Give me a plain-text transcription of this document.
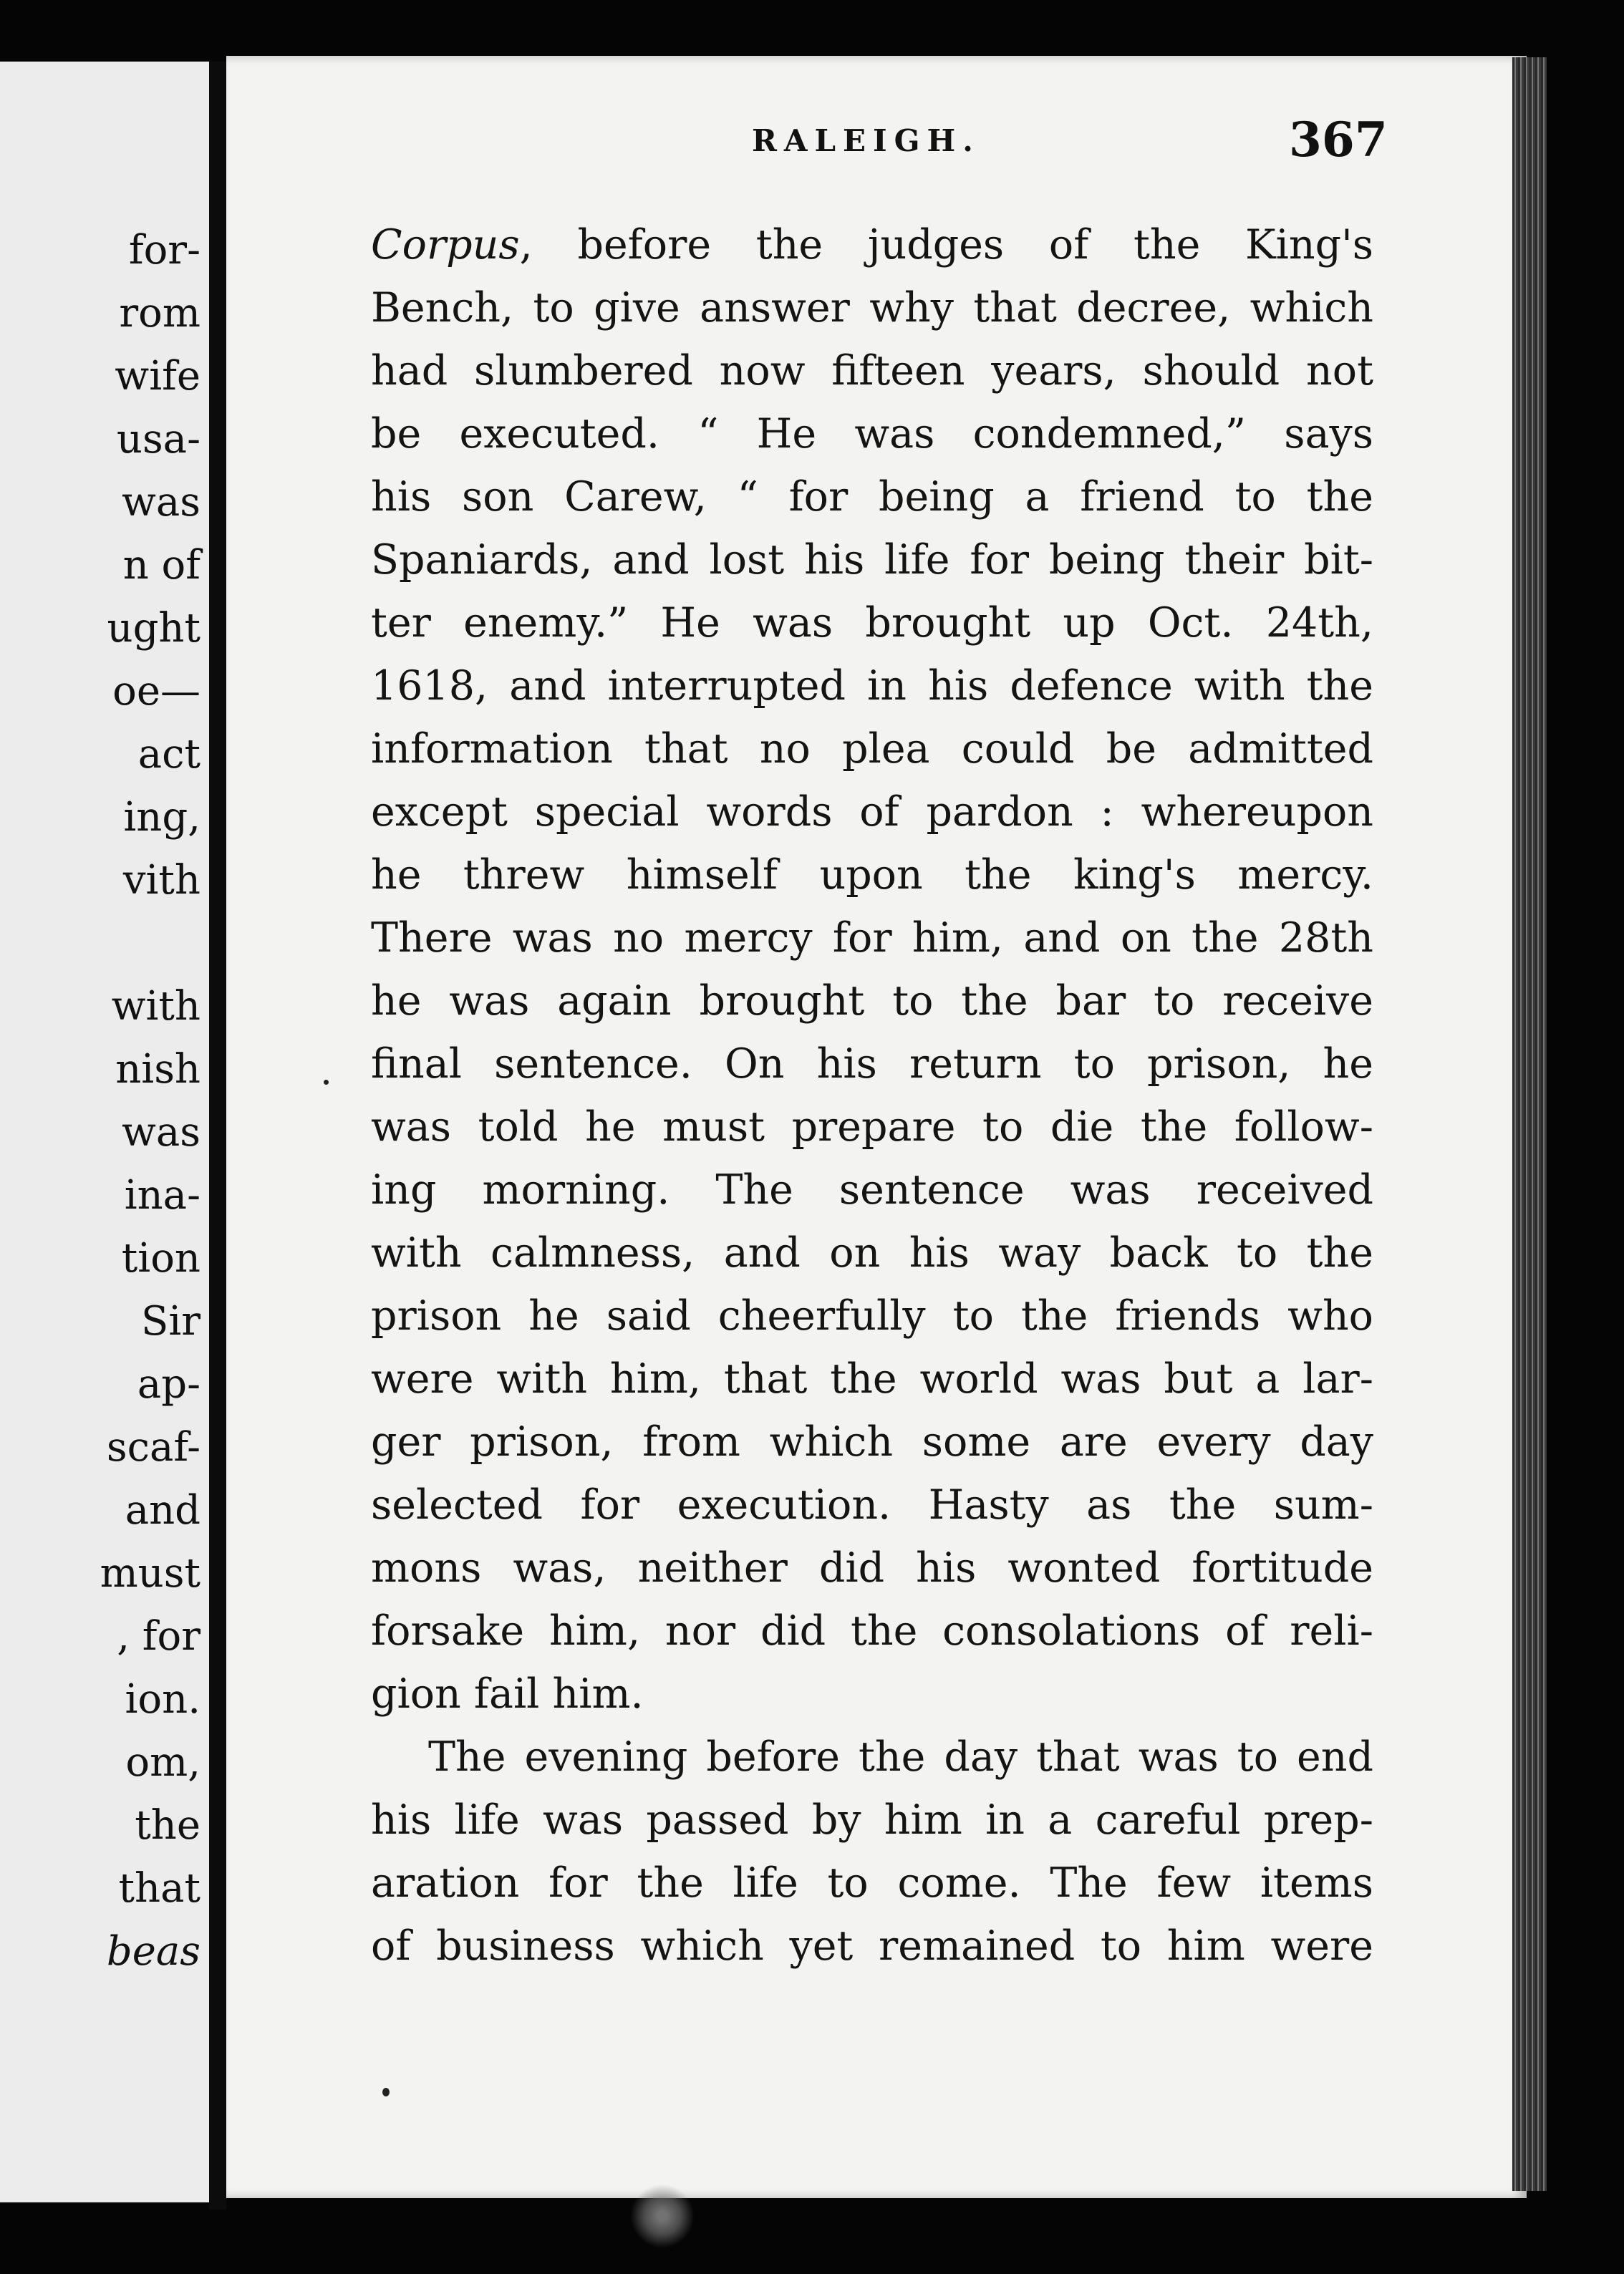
for-
rom
wife
usa-
was
n of
ught
oe—
act
ing,
vith
with
nish
was
ina-
tion
Sir
ap-
scaf-
and
must
, for
ion.
om,
the
that
beas
RALEIGH.	367
Corpus, before the judges of the King's
Bench, to give answer why that decree, which
had slumbered now fifteen years, should not
be executed. “ He was condemned,” says
his son Carew, “ for being a friend to the
Spaniards, and lost his life for being their bit-
ter enemy.” He was brought up Oct. 24th,
1618, and interrupted in his defence with the
information that no plea could be admitted
except special words of pardon : whereupon
he threw himself upon the king's mercy.
There was no mercy for him, and on the 28th
he was again brought to the bar to receive
final sentence. On his return to prison, he
was told he must prepare to die the follow-
ing morning. The sentence was received
with calmness, and on his way back to the
prison he said cheerfully to the friends who
were with him, that the world was but a lar-
ger prison, from which some are every day
selected for execution. Hasty as the sum-
mons was, neither did his wonted fortitude
forsake him, nor did the consolations of reli-
gion fail him.
The evening before the day that was to end
his life was passed by him in a careful prep-
aration for the life to come. The few items
of business which yet remained to him were
